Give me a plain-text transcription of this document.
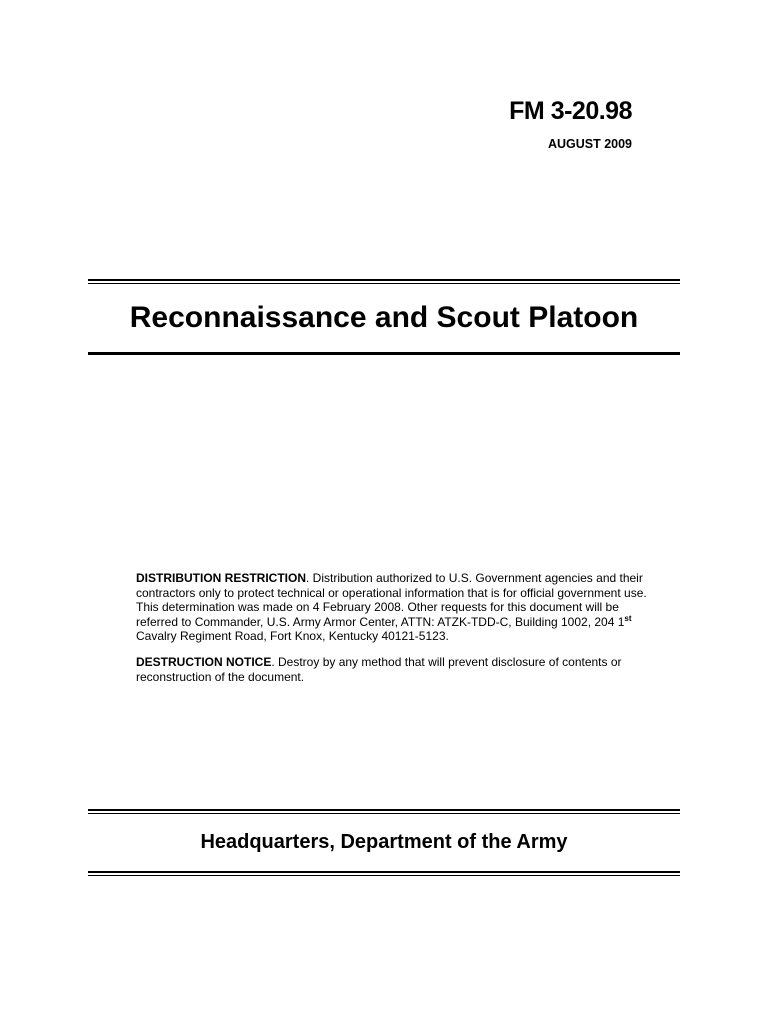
FM 3-20.98
AUGUST 2009
Reconnaissance and Scout Platoon
DISTRIBUTION RESTRICTION. Distribution authorized to U.S. Government agencies and their contractors only to protect technical or operational information that is for official government use. This determination was made on 4 February 2008. Other requests for this document will be referred to Commander, U.S. Army Armor Center, ATTN: ATZK-TDD-C, Building 1002, 204 1st Cavalry Regiment Road, Fort Knox, Kentucky 40121-5123.
DESTRUCTION NOTICE. Destroy by any method that will prevent disclosure of contents or reconstruction of the document.
Headquarters, Department of the Army
